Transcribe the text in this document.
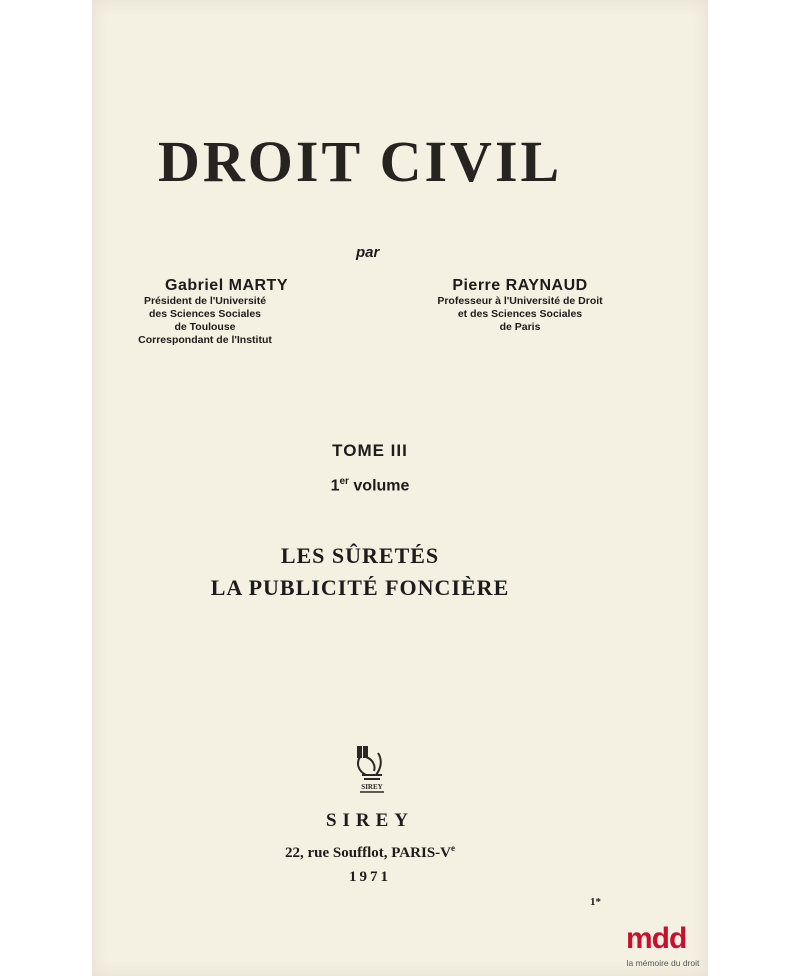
DROIT CIVIL
par
Gabriel MARTY
Président de l'Université
des Sciences Sociales
de Toulouse
Correspondant de l'Institut
Pierre RAYNAUD
Professeur à l'Université de Droit
et des Sciences Sociales
de Paris
TOME III
1er volume
LES SÛRETÉS
LA PUBLICITÉ FONCIÈRE
SIREY
SIREY
22, rue Soufflot, PARIS-Ve
1971
1*
mdd
la mémoire du droit
